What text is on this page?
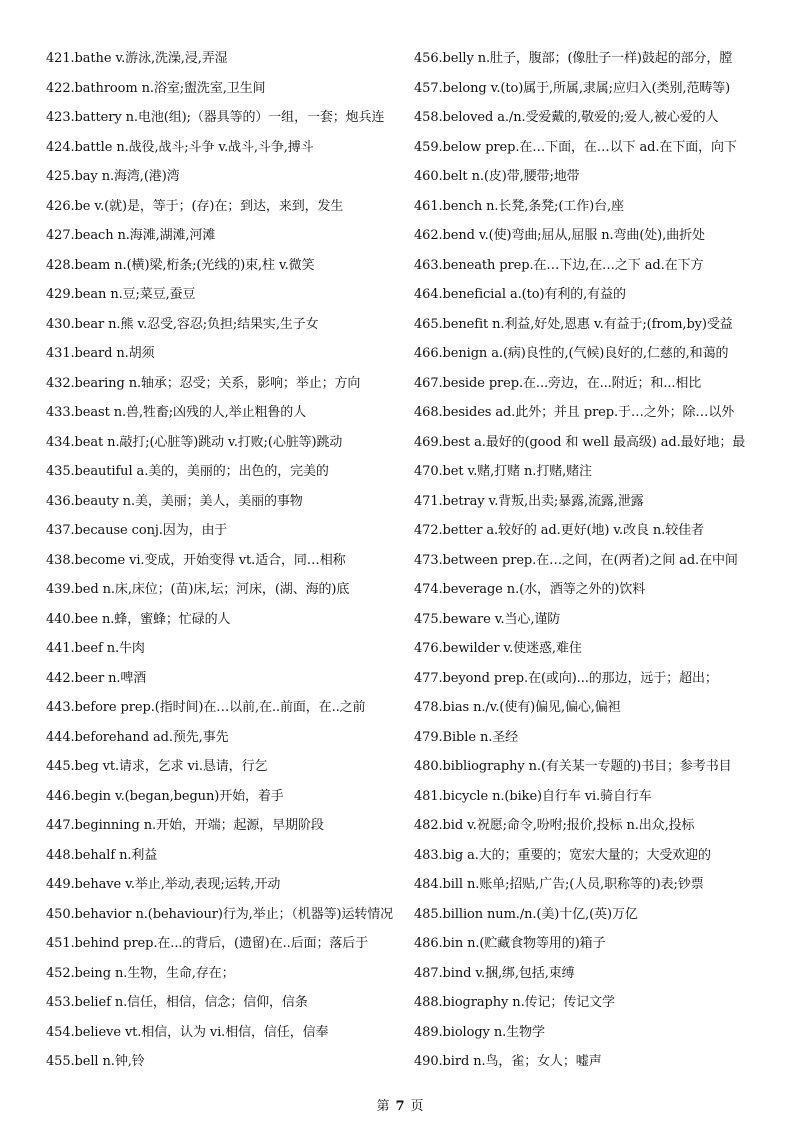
421.bathe v.游泳,洗澡,浸,弄湿
422.bathroom n.浴室;盥洗室,卫生间
423.battery n.电池(组);（器具等的）一组，一套；炮兵连
424.battle n.战役,战斗;斗争 v.战斗,斗争,搏斗
425.bay n.海湾,(港)湾
426.be v.(就)是，等于；(存)在；到达，来到，发生
427.beach n.海滩,湖滩,河滩
428.beam n.(横)梁,桁条;(光线的)束,柱 v.微笑
429.bean n.豆;菜豆,蚕豆
430.bear n.熊 v.忍受,容忍;负担;结果实,生子女
431.beard n.胡须
432.bearing n.轴承；忍受；关系，影响；举止；方向
433.beast n.兽,牲畜;凶残的人,举止粗鲁的人
434.beat n.敲打;(心脏等)跳动 v.打败;(心脏等)跳动
435.beautiful a.美的，美丽的；出色的，完美的
436.beauty n.美，美丽；美人，美丽的事物
437.because conj.因为，由于
438.become vi.变成，开始变得 vt.适合，同…相称
439.bed n.床,床位；(苗)床,坛；河床，(湖、海的)底
440.bee n.蜂，蜜蜂；忙碌的人
441.beef n.牛肉
442.beer n.啤酒
443.before prep.(指时间)在…以前,在..前面，在..之前
444.beforehand ad.预先,事先
445.beg vt.请求，乞求 vi.恳请，行乞
446.begin v.(began,begun)开始，着手
447.beginning n.开始，开端；起源，早期阶段
448.behalf n.利益
449.behave v.举止,举动,表现;运转,开动
450.behavior n.(behaviour)行为,举止；（机器等)运转情况
451.behind prep.在...的背后，(遗留)在..后面；落后于
452.being n.生物，生命,存在；
453.belief n.信任，相信，信念；信仰，信条
454.believe vt.相信，认为 vi.相信，信任，信奉
455.bell n.钟,铃
456.belly n.肚子，腹部；(像肚子一样)鼓起的部分，膛
457.belong v.(to)属于,所属,隶属;应归入(类别,范畴等)
458.beloved a./n.受爱戴的,敬爱的;爱人,被心爱的人
459.below prep.在…下面，在…以下 ad.在下面，向下
460.belt n.(皮)带,腰带;地带
461.bench n.长凳,条凳;(工作)台,座
462.bend v.(使)弯曲;屈从,屈服 n.弯曲(处),曲折处
463.beneath prep.在…下边,在…之下 ad.在下方
464.beneficial a.(to)有利的,有益的
465.benefit n.利益,好处,恩惠 v.有益于;(from,by)受益
466.benign a.(病)良性的,(气候)良好的,仁慈的,和蔼的
467.beside prep.在...旁边，在...附近；和...相比
468.besides ad.此外；并且 prep.于…之外；除…以外
469.best a.最好的(good 和 well 最高级) ad.最好地；最
470.bet v.赌,打赌 n.打赌,赌注
471.betray v.背叛,出卖;暴露,流露,泄露
472.better a.较好的 ad.更好(地) v.改良 n.较佳者
473.between prep.在…之间，在(两者)之间 ad.在中间
474.beverage n.(水，酒等之外的)饮料
475.beware v.当心,谨防
476.bewilder v.使迷惑,难住
477.beyond prep.在(或向)...的那边，远于；超出；
478.bias n./v.(使有)偏见,偏心,偏袒
479.Bible n.圣经
480.bibliography n.(有关某一专题的)书目；参考书目
481.bicycle n.(bike)自行车 vi.骑自行车
482.bid v.祝愿;命令,吩咐;报价,投标 n.出众,投标
483.big a.大的；重要的；宽宏大量的；大受欢迎的
484.bill n.账单;招贴,广告;(人员,职称等的)表;钞票
485.billion num./n.(美)十亿,(英)万亿
486.bin n.(贮藏食物等用的)箱子
487.bind v.捆,绑,包括,束缚
488.biography n.传记；传记文学
489.biology n.生物学
490.bird n.鸟，雀；女人；嘘声
第 7 页
